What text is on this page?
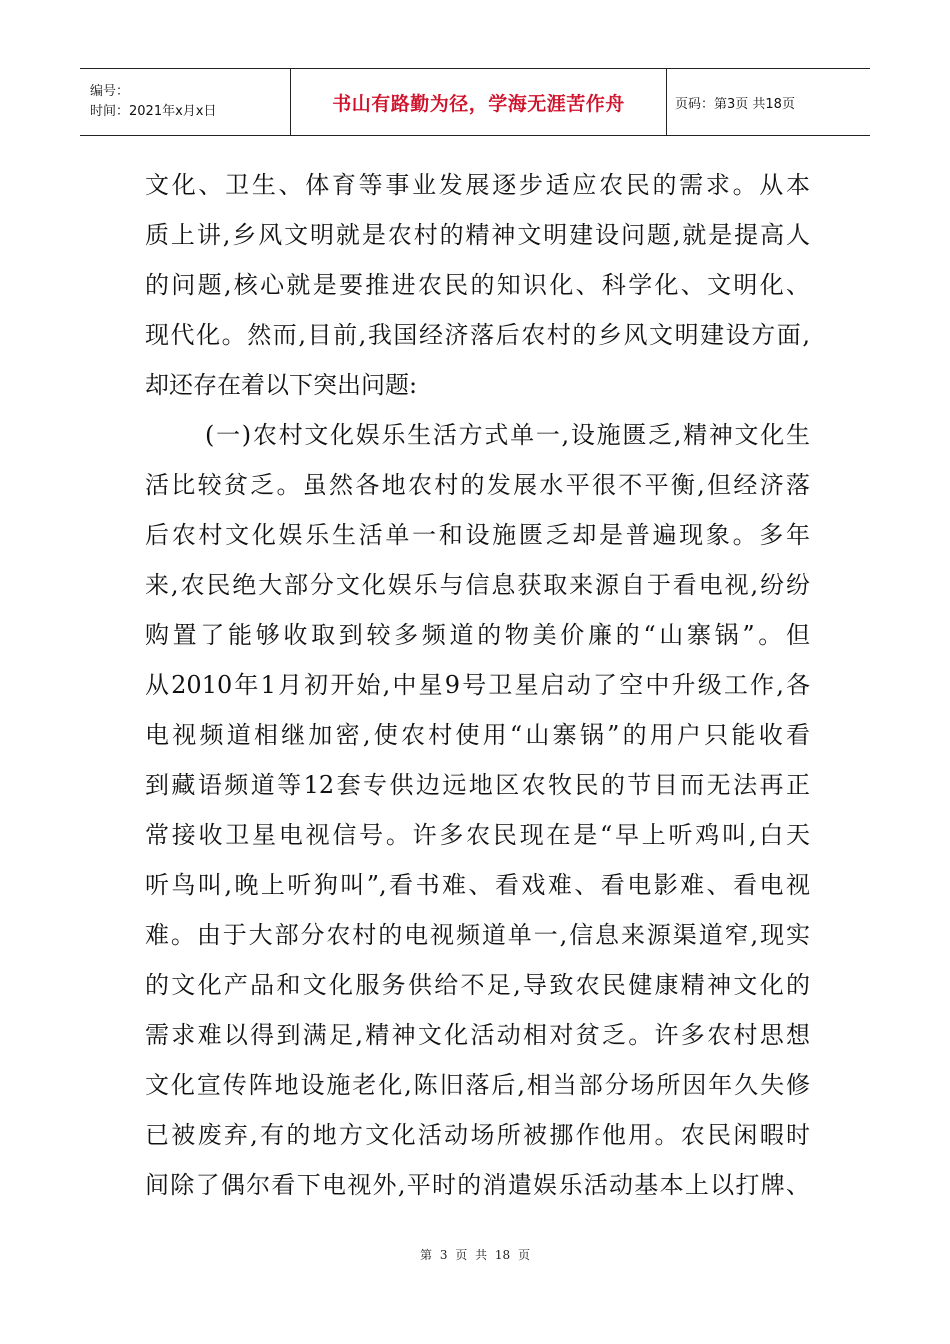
编号：
时间：2021年x月x日	书山有路勤为径，学海无涯苦作舟	页码：第3页 共18页
文化、卫生、体育等事业发展逐步适应农民的需求。从本
质上讲,乡风文明就是农村的精神文明建设问题,就是提高人
的问题,核心就是要推进农民的知识化、科学化、文明化、
现代化。然而,目前,我国经济落后农村的乡风文明建设方面,
却还存在着以下突出问题:
(一)农村文化娱乐生活方式单一,设施匮乏,精神文化生
活比较贫乏。虽然各地农村的发展水平很不平衡,但经济落
后农村文化娱乐生活单一和设施匮乏却是普遍现象。多年
来,农民绝大部分文化娱乐与信息获取来源自于看电视,纷纷
购置了能够收取到较多频道的物美价廉的“山寨锅”。但
从2010年1月初开始,中星9号卫星启动了空中升级工作,各
电视频道相继加密,使农村使用“山寨锅”的用户只能收看
到藏语频道等12套专供边远地区农牧民的节目而无法再正
常接收卫星电视信号。许多农民现在是“早上听鸡叫,白天
听鸟叫,晚上听狗叫”,看书难、看戏难、看电影难、看电视
难。由于大部分农村的电视频道单一,信息来源渠道窄,现实
的文化产品和文化服务供给不足,导致农民健康精神文化的
需求难以得到满足,精神文化活动相对贫乏。许多农村思想
文化宣传阵地设施老化,陈旧落后,相当部分场所因年久失修
已被废弃,有的地方文化活动场所被挪作他用。农民闲暇时
间除了偶尔看下电视外,平时的消遣娱乐活动基本上以打牌、
第 3 页 共 18 页
